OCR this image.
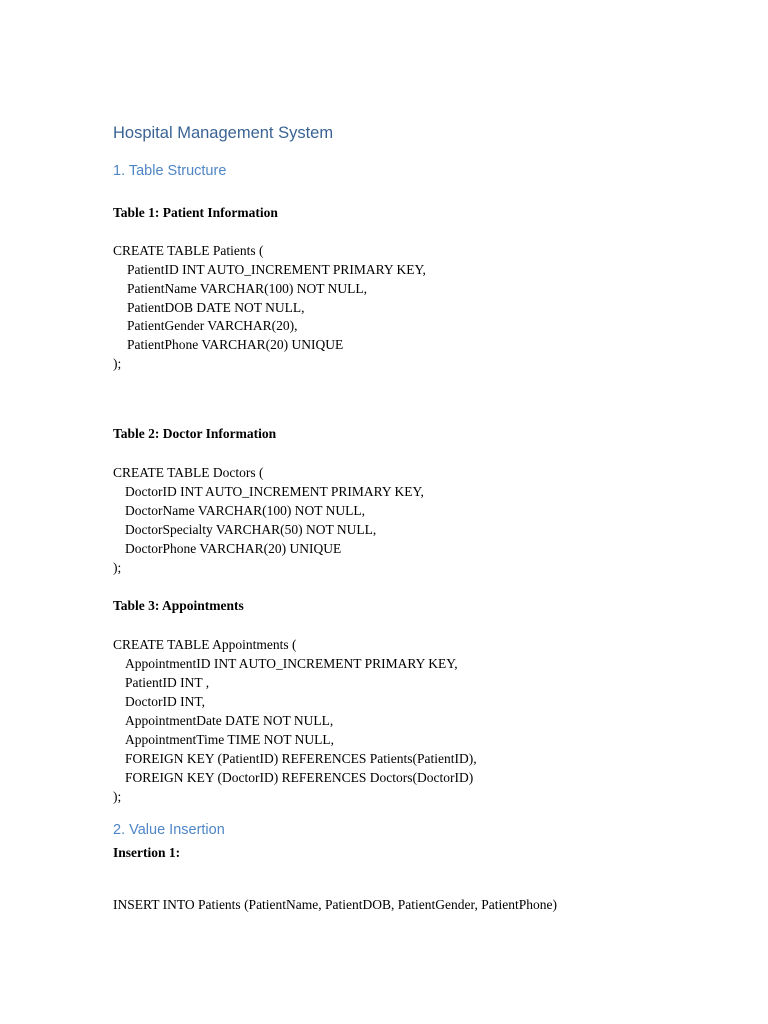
Hospital Management System
1. Table Structure
Table 1: Patient Information
CREATE TABLE Patients (
PatientID INT AUTO_INCREMENT PRIMARY KEY,
PatientName VARCHAR(100) NOT NULL,
PatientDOB DATE NOT NULL,
PatientGender VARCHAR(20),
PatientPhone VARCHAR(20) UNIQUE
);
Table 2: Doctor Information
CREATE TABLE Doctors (
DoctorID INT AUTO_INCREMENT PRIMARY KEY,
DoctorName VARCHAR(100) NOT NULL,
DoctorSpecialty VARCHAR(50) NOT NULL,
DoctorPhone VARCHAR(20) UNIQUE
);
Table 3: Appointments
CREATE TABLE Appointments (
AppointmentID INT AUTO_INCREMENT PRIMARY KEY,
PatientID INT ,
DoctorID INT,
AppointmentDate DATE NOT NULL,
AppointmentTime TIME NOT NULL,
FOREIGN KEY (PatientID) REFERENCES Patients(PatientID),
FOREIGN KEY (DoctorID) REFERENCES Doctors(DoctorID)
);
2. Value Insertion
Insertion 1:
INSERT INTO Patients (PatientName, PatientDOB, PatientGender, PatientPhone)
